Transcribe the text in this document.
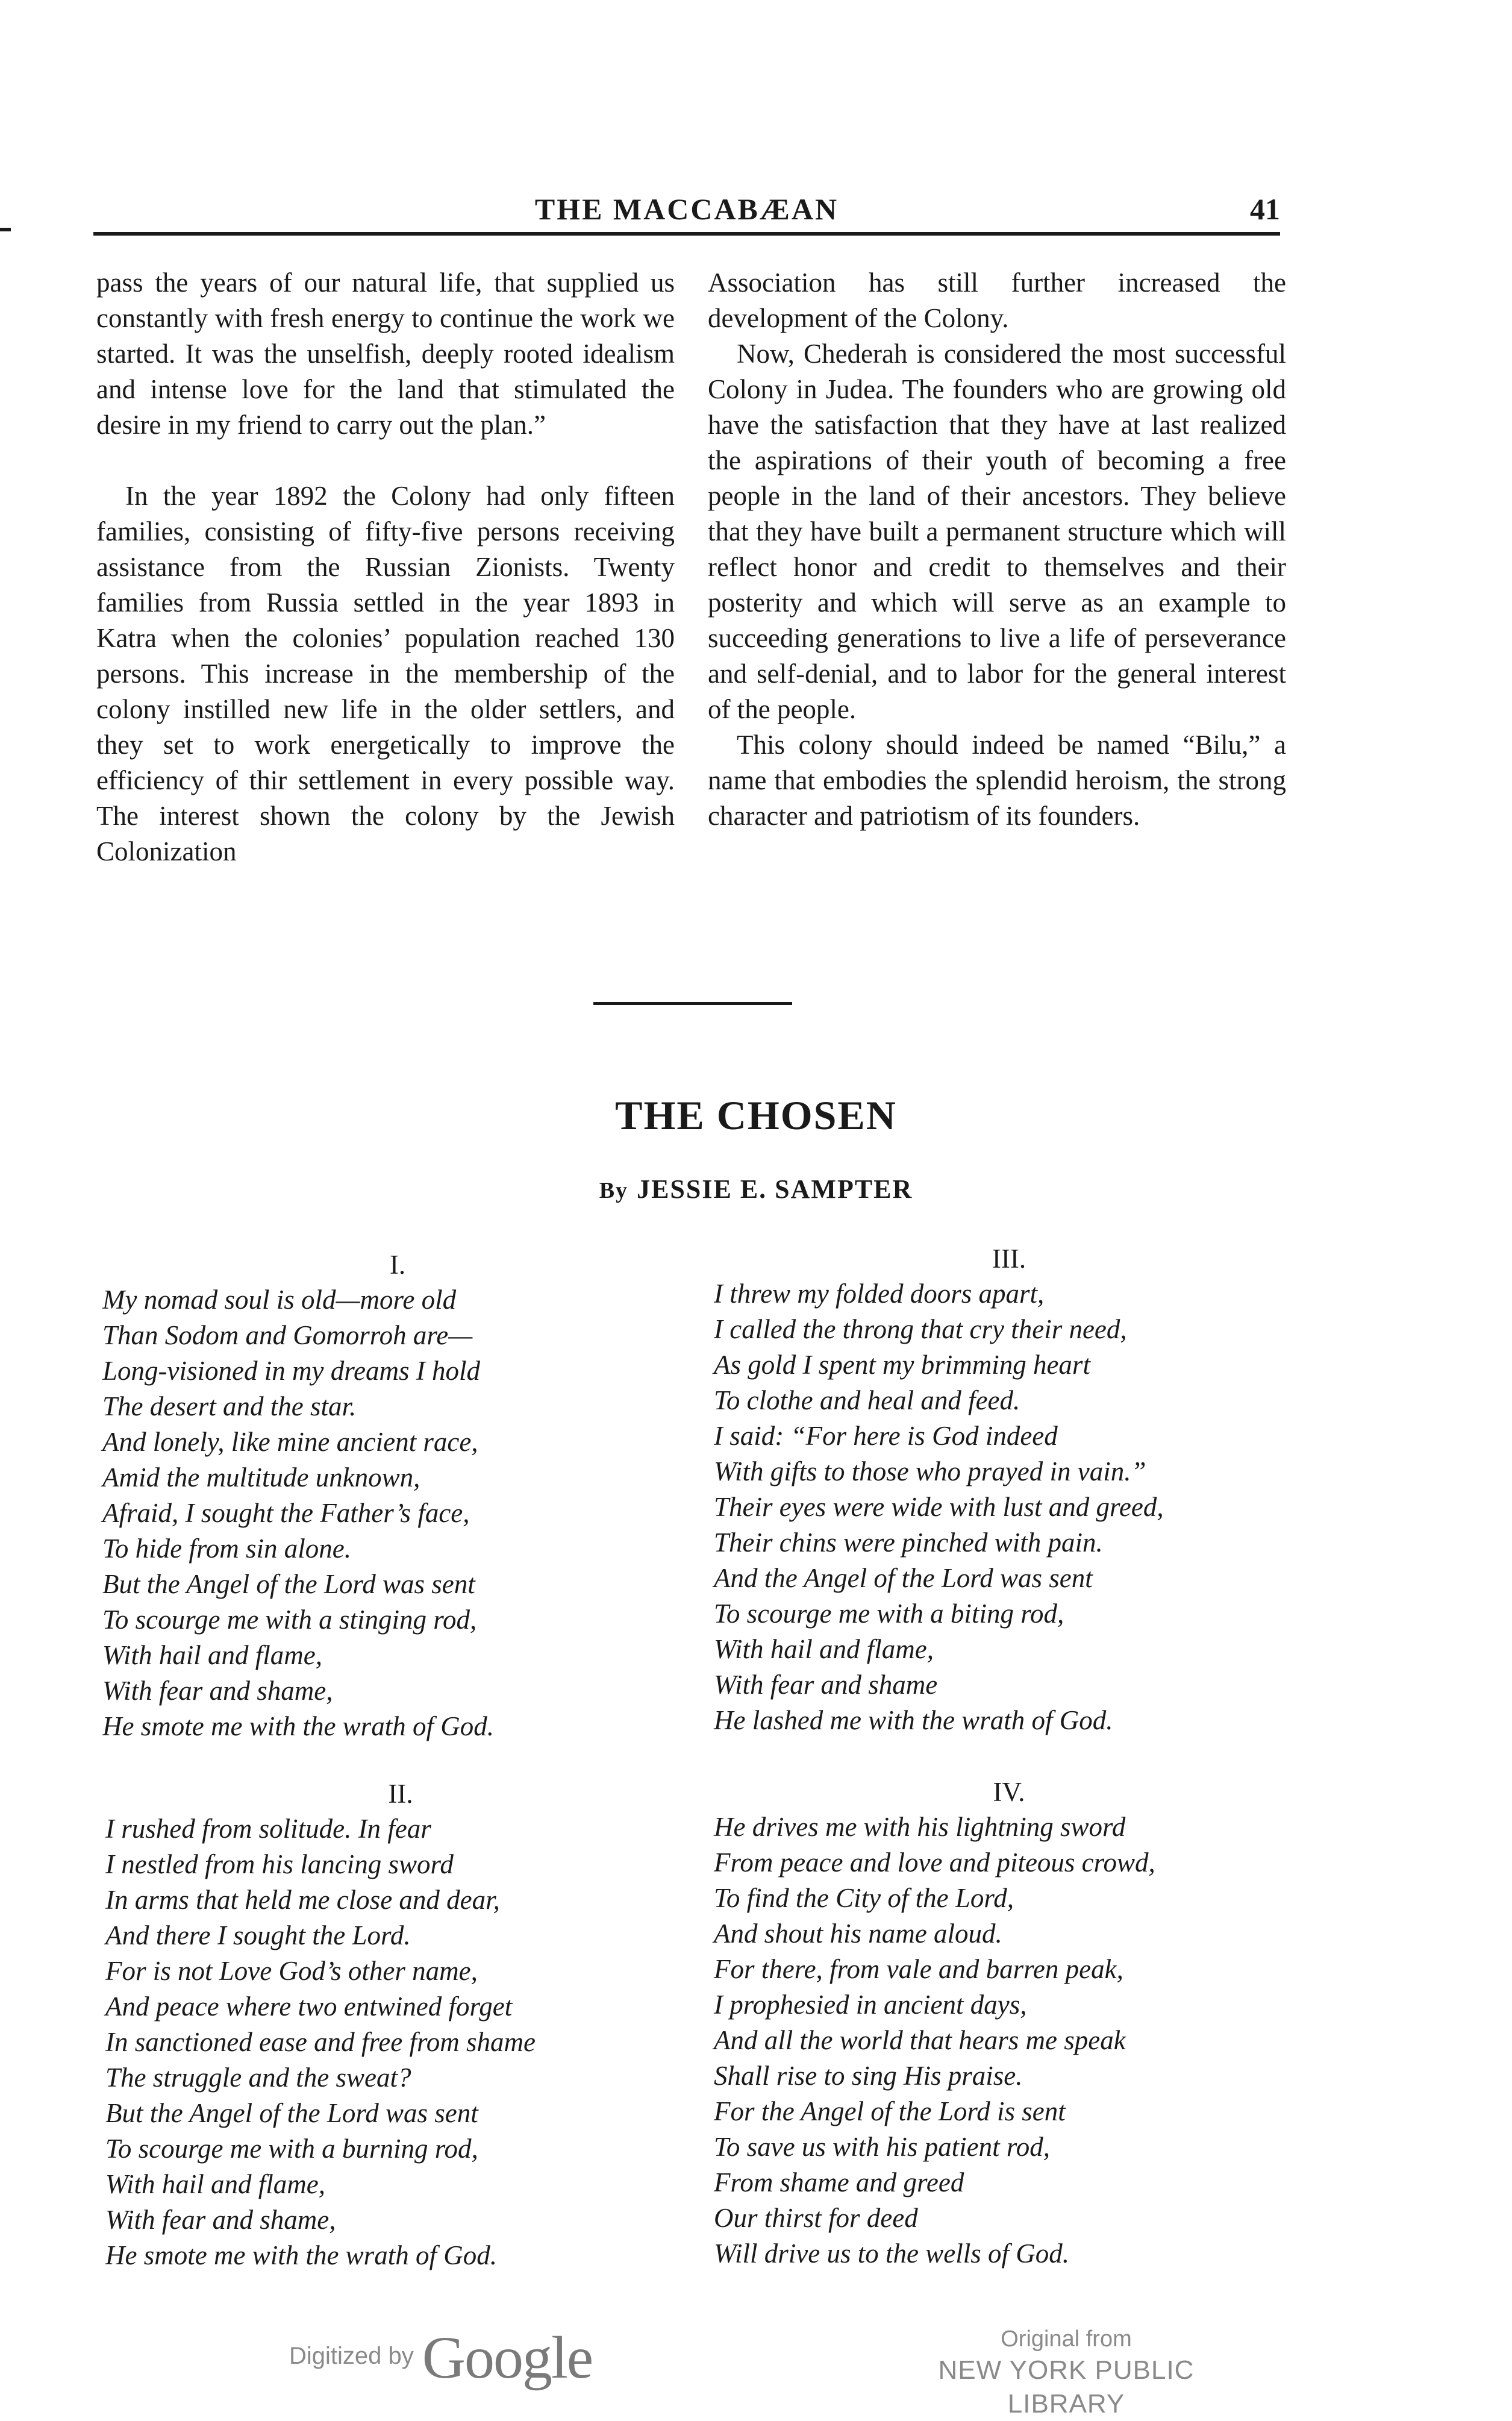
THE MACCABÆAN	41

pass the years of our natural life, that supplied us constantly with fresh energy to continue the work we started. It was the unselfish, deeply rooted idealism and intense love for the land that stimulated the desire in my friend to carry out the plan.”

In the year 1892 the Colony had only fifteen families, consisting of fifty-five persons receiving assistance from the Russian Zionists. Twenty families from Russia settled in the year 1893 in Katra when the colonies’ population reached 130 persons. This increase in the membership of the colony instilled new life in the older settlers, and they set to work energetically to improve the efficiency of thir settlement in every possible way. The interest shown the colony by the Jewish Colonization

Association has still further increased the development of the Colony.

Now, Chederah is considered the most successful Colony in Judea. The founders who are growing old have the satisfaction that they have at last realized the aspirations of their youth of becoming a free people in the land of their ancestors. They believe that they have built a permanent structure which will reflect honor and credit to themselves and their posterity and which will serve as an example to succeeding generations to live a life of perseverance and self-denial, and to labor for the general interest of the people.

This colony should indeed be named “Bilu,” a name that embodies the splendid heroism, the strong character and patriotism of its founders.

THE CHOSEN
By JESSIE E. SAMPTER
I.
My nomad soul is old—more old
Than Sodom and Gomorroh are—
Long-visioned in my dreams I hold
The desert and the star.
And lonely, like mine ancient race,
Amid the multitude unknown,
Afraid, I sought the Father’s face,
To hide from sin alone.
But the Angel of the Lord was sent
To scourge me with a stinging rod,
With hail and flame,
With fear and shame,
He smote me with the wrath of God.
III.
I threw my folded doors apart,
I called the throng that cry their need,
As gold I spent my brimming heart
To clothe and heal and feed.
I said: “For here is God indeed
With gifts to those who prayed in vain.”
Their eyes were wide with lust and greed,
Their chins were pinched with pain.
And the Angel of the Lord was sent
To scourge me with a biting rod,
With hail and flame,
With fear and shame
He lashed me with the wrath of God.
II.
I rushed from solitude. In fear
I nestled from his lancing sword
In arms that held me close and dear,
And there I sought the Lord.
For is not Love God’s other name,
And peace where two entwined forget
In sanctioned ease and free from shame
The struggle and the sweat?
But the Angel of the Lord was sent
To scourge me with a burning rod,
With hail and flame,
With fear and shame,
He smote me with the wrath of God.
IV.
He drives me with his lightning sword
From peace and love and piteous crowd,
To find the City of the Lord,
And shout his name aloud.
For there, from vale and barren peak,
I prophesied in ancient days,
And all the world that hears me speak
Shall rise to sing His praise.
For the Angel of the Lord is sent
To save us with his patient rod,
From shame and greed
Our thirst for deed
Will drive us to the wells of God.
Digitized by Google	Original from
NEW YORK PUBLIC LIBRARY
